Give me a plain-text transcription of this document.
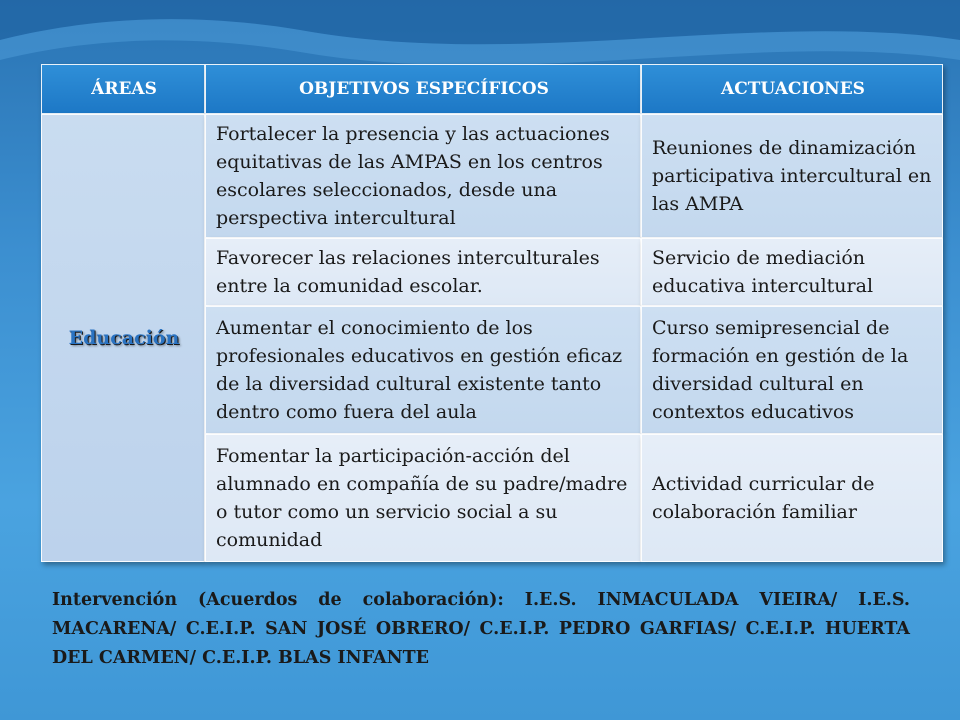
ÁREAS	OBJETIVOS ESPECÍFICOS	ACTUACIONES
Educación
Fortalecer la presencia y las actuaciones equitativas de las AMPAS en los centros escolares seleccionados, desde una perspectiva intercultural
Reuniones de dinamización participativa intercultural en las AMPA
Favorecer las relaciones interculturales entre la comunidad escolar.
Servicio de mediación educativa intercultural
Aumentar el conocimiento de los profesionales educativos en gestión eficaz de la diversidad cultural existente tanto dentro como fuera del aula
Curso semipresencial de formación en gestión de la diversidad cultural en contextos educativos
Fomentar la participación-acción del alumnado en compañía de su padre/madre o tutor como un servicio social a su comunidad
Actividad curricular de colaboración familiar
Intervención (Acuerdos de colaboración): I.E.S. INMACULADA VIEIRA/ I.E.S. MACARENA/ C.E.I.P. SAN JOSÉ OBRERO/ C.E.I.P. PEDRO GARFIAS/ C.E.I.P. HUERTA DEL CARMEN/ C.E.I.P. BLAS INFANTE
